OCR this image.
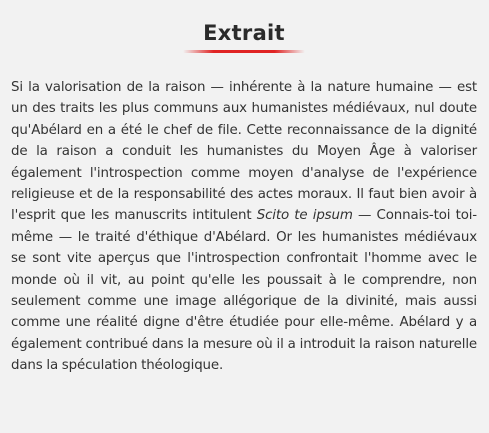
Extrait

Si la valorisation de la raison — inhérente à la nature humaine — est un des traits les plus communs aux humanistes médiévaux, nul doute qu'Abélard en a été le chef de file. Cette reconnaissance de la dignité de la raison a conduit les humanistes du Moyen Âge à valoriser également l'introspection comme moyen d'analyse de l'expérience religieuse et de la responsabilité des actes moraux. Il faut bien avoir à l'esprit que les manuscrits intitulent Scito te ipsum — Connais-toi toi-même — le traité d'éthique d'Abélard. Or les humanistes médiévaux se sont vite aperçus que l'introspection confrontait l'homme avec le monde où il vit, au point qu'elle les poussait à le comprendre, non seulement comme une image allégorique de la divinité, mais aussi comme une réalité digne d'être étudiée pour elle-même. Abélard y a également contribué dans la mesure où il a introduit la raison naturelle dans la spéculation théologique.
